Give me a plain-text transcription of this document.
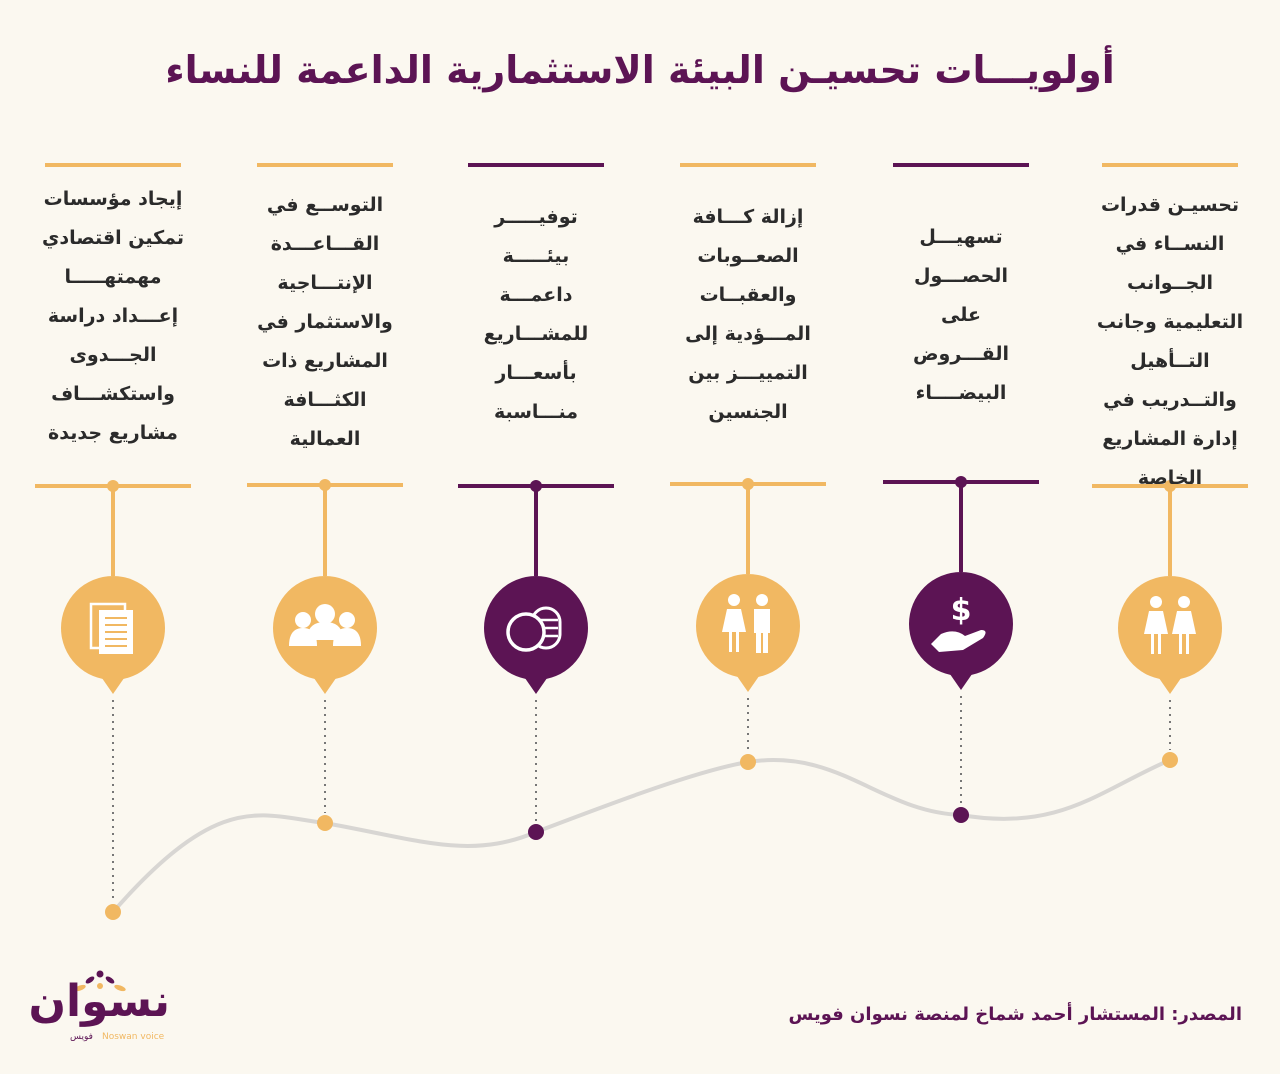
أولويـــات تحسيـن البيئة الاستثمارية الداعمة للنساء
$
تحسيـن قدرات
النســاء في
الجــوانب
التعليمية وجانب
التــأهيل
والتــدريب في
إدارة المشاريع
الخاصة
تسهيـــل
الحصـــول
على
القـــروض
البيضــــاء
إزالة كـــافة
الصعــوبات
والعقبــات
المـــؤدية إلى
التمييـــز بين
الجنسين
توفيـــــر
بيئـــــة
داعمـــة
للمشـــاريع
بأسعـــار
منـــاسبة
التوســع في
القـــاعـــدة
الإنتـــاجية
والاستثمار في
المشاريع ذات
الكثـــافة
العمالية
إيجاد مؤسسات
تمكين اقتصادي
مهمتهـــــا
إعـــداد دراسة
الجـــدوى
واستكشـــاف
مشاريع جديدة
المصدر: المستشار أحمد شماخ لمنصة نسوان فويس
نسوان
فويس Noswan voice
